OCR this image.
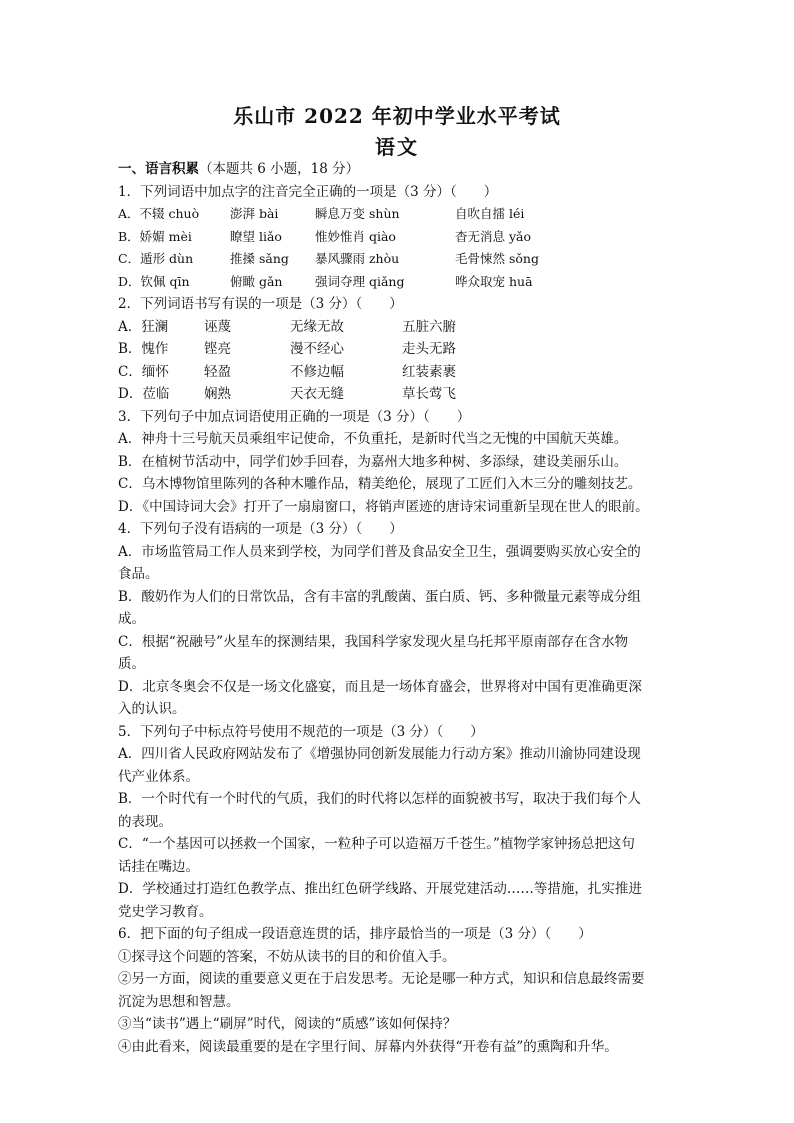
乐山市 2022 年初中学业水平考试
语文
一、语言积累（本题共 6 小题，18 分）
1．下列词语中加点字的注音完全正确的一项是（3 分）（　　）
A．不辍 chuò	澎湃 bài	瞬息万变 shùn	自吹自擂 léi
B．娇媚 mèi	瞭望 liǎo	惟妙惟肖 qiào	杳无消息 yǎo
C．遁形 dùn	推搡 sǎng	暴风骤雨 zhòu	毛骨悚然 sǒng
D．钦佩 qīn	俯瞰 gǎn	强词夺理 qiǎng	哗众取宠 huā
2．下列词语书写有误的一项是（3 分）（　　）
A．狂澜	诬蔑	无缘无故	五脏六腑
B．愧作	铿亮	漫不经心	走头无路
C．缅怀	轻盈	不修边幅	红装素裹
D．莅临	娴熟	天衣无缝	草长莺飞
3．下列句子中加点词语使用正确的一项是（3 分）（　　）
A．神舟十三号航天员乘组牢记使命，不负重托，是新时代当之无愧的中国航天英雄。
B．在植树节活动中，同学们妙手回春，为嘉州大地多种树、多添绿，建设美丽乐山。
C．乌木博物馆里陈列的各种木雕作品，精美绝伦，展现了工匠们入木三分的雕刻技艺。
D．《中国诗词大会》打开了一扇扇窗口，将销声匿迹的唐诗宋词重新呈现在世人的眼前。
4．下列句子没有语病的一项是（3 分）（　　）
A．市场监管局工作人员来到学校，为同学们普及食品安全卫生，强调要购买放心安全的
食品。
B．酸奶作为人们的日常饮品，含有丰富的乳酸菌、蛋白质、钙、多种微量元素等成分组
成。
C．根据“祝融号”火星车的探测结果，我国科学家发现火星乌托邦平原南部存在含水物
质。
D．北京冬奥会不仅是一场文化盛宴，而且是一场体育盛会，世界将对中国有更准确更深
入的认识。
5．下列句子中标点符号使用不规范的一项是（3 分）（　　）
A．四川省人民政府网站发布了《增强协同创新发展能力行动方案》推动川渝协同建设现
代产业体系。
B．一个时代有一个时代的气质，我们的时代将以怎样的面貌被书写，取决于我们每个人
的表现。
C．“一个基因可以拯救一个国家，一粒种子可以造福万千苍生。”植物学家钟扬总把这句
话挂在嘴边。
D．学校通过打造红色教学点、推出红色研学线路、开展党建活动……等措施，扎实推进
党史学习教育。
6．把下面的句子组成一段语意连贯的话，排序最恰当的一项是（3 分）（　　）
①探寻这个问题的答案，不妨从读书的目的和价值入手。
②另一方面，阅读的重要意义更在于启发思考。无论是哪一种方式，知识和信息最终需要
沉淀为思想和智慧。
③当“读书”遇上“刷屏”时代，阅读的“质感”该如何保持？
④由此看来，阅读最重要的是在字里行间、屏幕内外获得“开卷有益”的熏陶和升华。
